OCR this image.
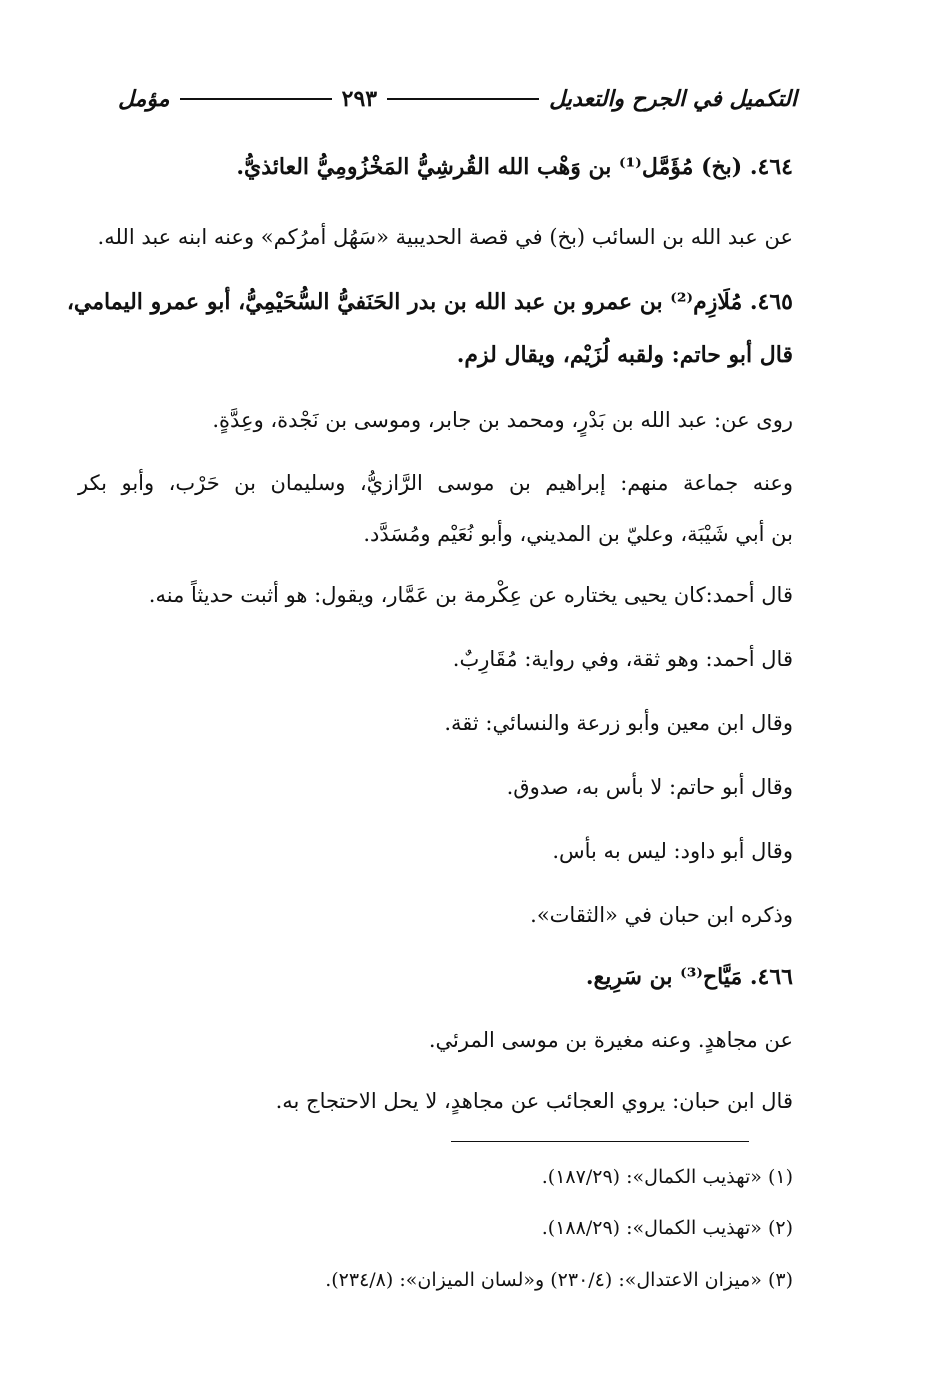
التكميل في الجرح والتعديل
٢٩٣
مؤمل
٤٦٤. (بخ) مُؤَمَّل⁽¹⁾ بن وَهْب الله القُرشِيُّ المَخْزُومِيُّ العائذيُّ.
عن عبد الله بن السائب (بخ) في قصة الحديبية «سَهُل أمرُكم» وعنه ابنه عبد الله.
٤٦٥. مُلَازِم⁽²⁾ بن عمرو بن عبد الله بن بدر الحَنَفيُّ السُّحَيْمِيُّ، أبو عمرو اليمامي،
قال أبو حاتم: ولقبه لُزَيْم، ويقال لزم.
روى عن: عبد الله بن بَدْرٍ، ومحمد بن جابر، وموسى بن نَجْدة، وعِدَّةٍ.
وعنه جماعة منهم: إبراهيم بن موسى الرَّازيُّ، وسليمان بن حَرْب، وأبو بكر
بن أبي شَيْبَة، وعليّ بن المديني، وأبو نُعَيْم ومُسَدَّد.
قال أحمد:كان يحيى يختاره عن عِكْرمة بن عَمَّار، ويقول: هو أثبت حديثاً منه.
قال أحمد: وهو ثقة، وفي رواية: مُقَارِبٌ.
وقال ابن معين وأبو زرعة والنسائي: ثقة.
وقال أبو حاتم: لا بأس به، صدوق.
وقال أبو داود: ليس به بأس.
وذكره ابن حبان في «الثقات».
٤٦٦. مَيَّاح⁽³⁾ بن سَرِيع.
عن مجاهدٍ. وعنه مغيرة بن موسى المرئي.
قال ابن حبان: يروي العجائب عن مجاهدٍ، لا يحل الاحتجاج به.
(١) «تهذيب الكمال»: (١٨٧/٢٩).
(٢) «تهذيب الكمال»: (١٨٨/٢٩).
(٣) «ميزان الاعتدال»: (٢٣٠/٤) و«لسان الميزان»: (٢٣٤/٨).
